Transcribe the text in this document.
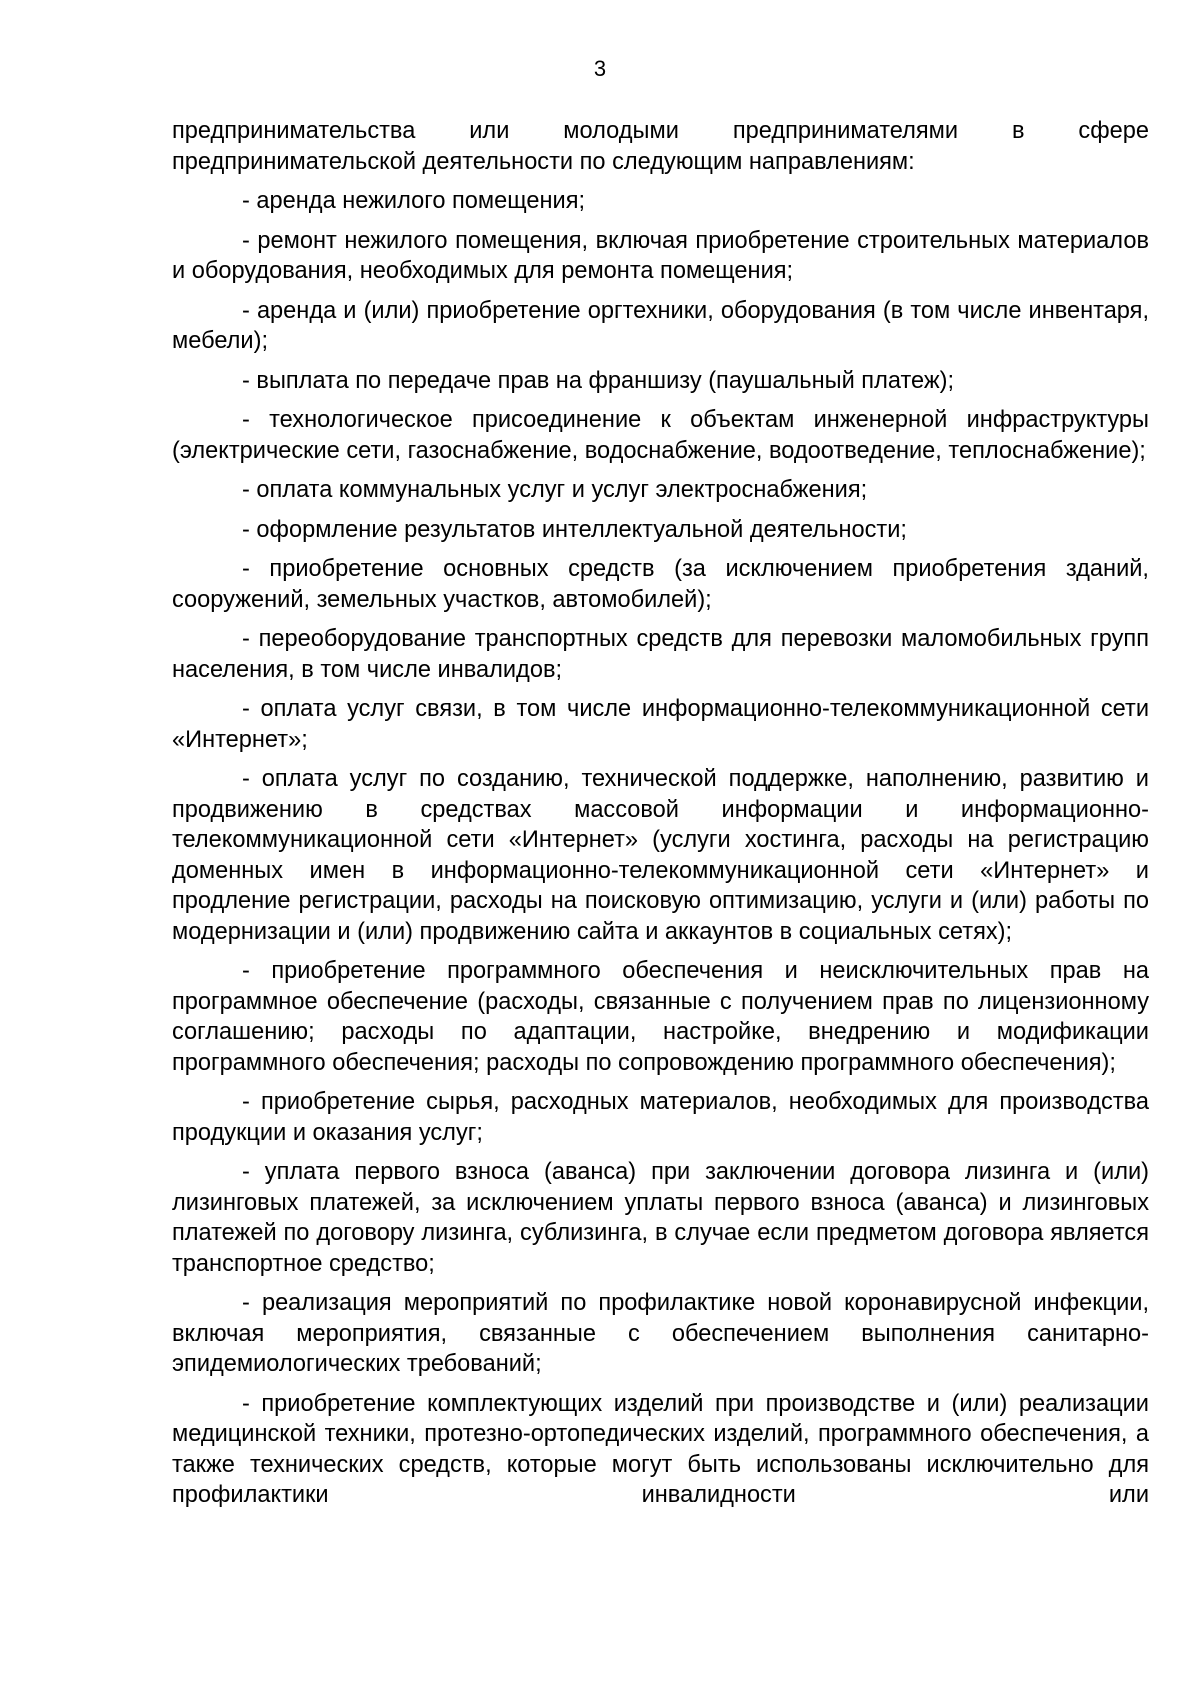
3

предпринимательства или молодыми предпринимателями в сфере предпринимательской деятельности по следующим направлениям:

- аренда нежилого помещения;

- ремонт нежилого помещения, включая приобретение строительных материалов и оборудования, необходимых для ремонта помещения;

- аренда и (или) приобретение оргтехники, оборудования (в том числе инвентаря, мебели);

- выплата по передаче прав на франшизу (паушальный платеж);

- технологическое присоединение к объектам инженерной инфраструктуры (электрические сети, газоснабжение, водоснабжение, водоотведение, теплоснабжение);

- оплата коммунальных услуг и услуг электроснабжения;

- оформление результатов интеллектуальной деятельности;

- приобретение основных средств (за исключением приобретения зданий, сооружений, земельных участков, автомобилей);

- переоборудование транспортных средств для перевозки маломобильных групп населения, в том числе инвалидов;

- оплата услуг связи, в том числе информационно-телекоммуникационной сети «Интернет»;

- оплата услуг по созданию, технической поддержке, наполнению, развитию и продвижению в средствах массовой информации и информационно-телекоммуникационной сети «Интернет» (услуги хостинга, расходы на регистрацию доменных имен в информационно-телекоммуникационной сети «Интернет» и продление регистрации, расходы на поисковую оптимизацию, услуги и (или) работы по модернизации и (или) продвижению сайта и аккаунтов в социальных сетях);

- приобретение программного обеспечения и неисключительных прав на программное обеспечение (расходы, связанные с получением прав по лицензионному соглашению; расходы по адаптации, настройке, внедрению и модификации программного обеспечения; расходы по сопровождению программного обеспечения);

- приобретение сырья, расходных материалов, необходимых для производства продукции и оказания услуг;

- уплата первого взноса (аванса) при заключении договора лизинга и (или) лизинговых платежей, за исключением уплаты первого взноса (аванса) и лизинговых платежей по договору лизинга, сублизинга, в случае если предметом договора является транспортное средство;

- реализация мероприятий по профилактике новой коронавирусной инфекции, включая мероприятия, связанные с обеспечением выполнения санитарно-эпидемиологических требований;

- приобретение комплектующих изделий при производстве и (или) реализации медицинской техники, протезно-ортопедических изделий, программного обеспечения, а также технических средств, которые могут быть использованы исключительно для профилактики инвалидности или
